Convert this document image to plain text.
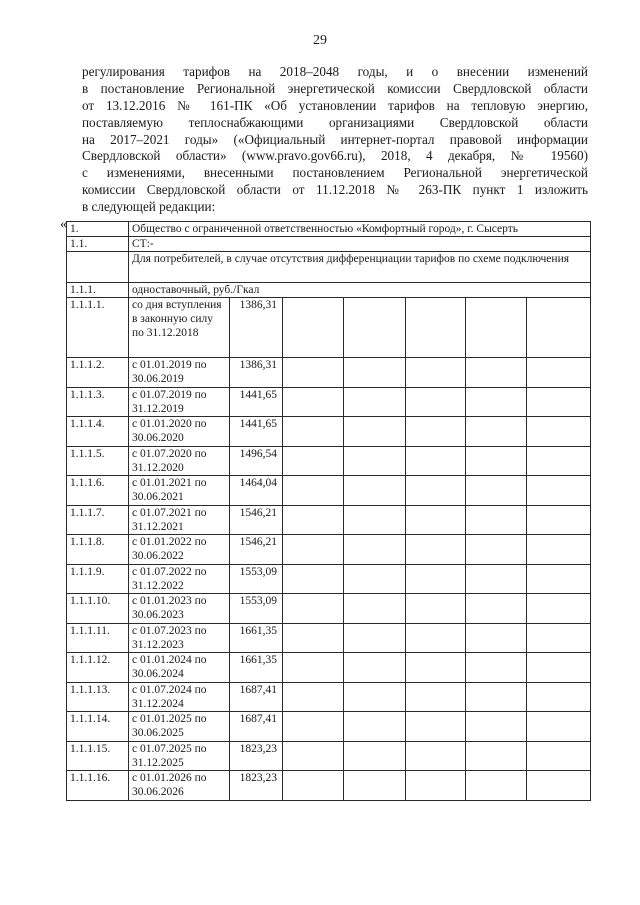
29
регулирования тарифов на 2018–2048 годы, и о внесении изменений
в постановление Региональной энергетической комиссии Свердловской области
от 13.12.2016 № 161-ПК «Об установлении тарифов на тепловую энергию,
поставляемую теплоснабжающими организациями Свердловской области
на 2017–2021 годы» («Официальный интернет-портал правовой информации
Свердловской области» (www.pravo.gov66.ru), 2018, 4 декабря, № 19560)
с изменениями, внесенными постановлением Региональной энергетической
комиссии Свердловской области от 11.12.2018 № 263-ПК пункт 1 изложить
в следующей редакции:
« 1.	Общество с ограниченной ответственностью «Комфортный город», г. Сысерть						
1.1.	СТ:-						
	Для потребителей, в случае отсутствия дифференциации тарифов по схеме подключения						
1.1.1.	одноставочный, руб./Гкал						
1.1.1.1.	со дня вступления в законную силу по 31.12.2018	1386,31					
1.1.1.2.	с 01.01.2019 по 30.06.2019	1386,31					
1.1.1.3.	с 01.07.2019 по 31.12.2019	1441,65					
1.1.1.4.	с 01.01.2020 по 30.06.2020	1441,65					
1.1.1.5.	с 01.07.2020 по 31.12.2020	1496,54					
1.1.1.6.	с 01.01.2021 по 30.06.2021	1464,04					
1.1.1.7.	с 01.07.2021 по 31.12.2021	1546,21					
1.1.1.8.	с 01.01.2022 по 30.06.2022	1546,21					
1.1.1.9.	с 01.07.2022 по 31.12.2022	1553,09					
1.1.1.10.	с 01.01.2023 по 30.06.2023	1553,09					
1.1.1.11.	с 01.07.2023 по 31.12.2023	1661,35					
1.1.1.12.	с 01.01.2024 по 30.06.2024	1661,35					
1.1.1.13.	с 01.07.2024 по 31.12.2024	1687,41					
1.1.1.14.	с 01.01.2025 по 30.06.2025	1687,41					
1.1.1.15.	с 01.07.2025 по 31.12.2025	1823,23					
1.1.1.16.	с 01.01.2026 по 30.06.2026	1823,23					
